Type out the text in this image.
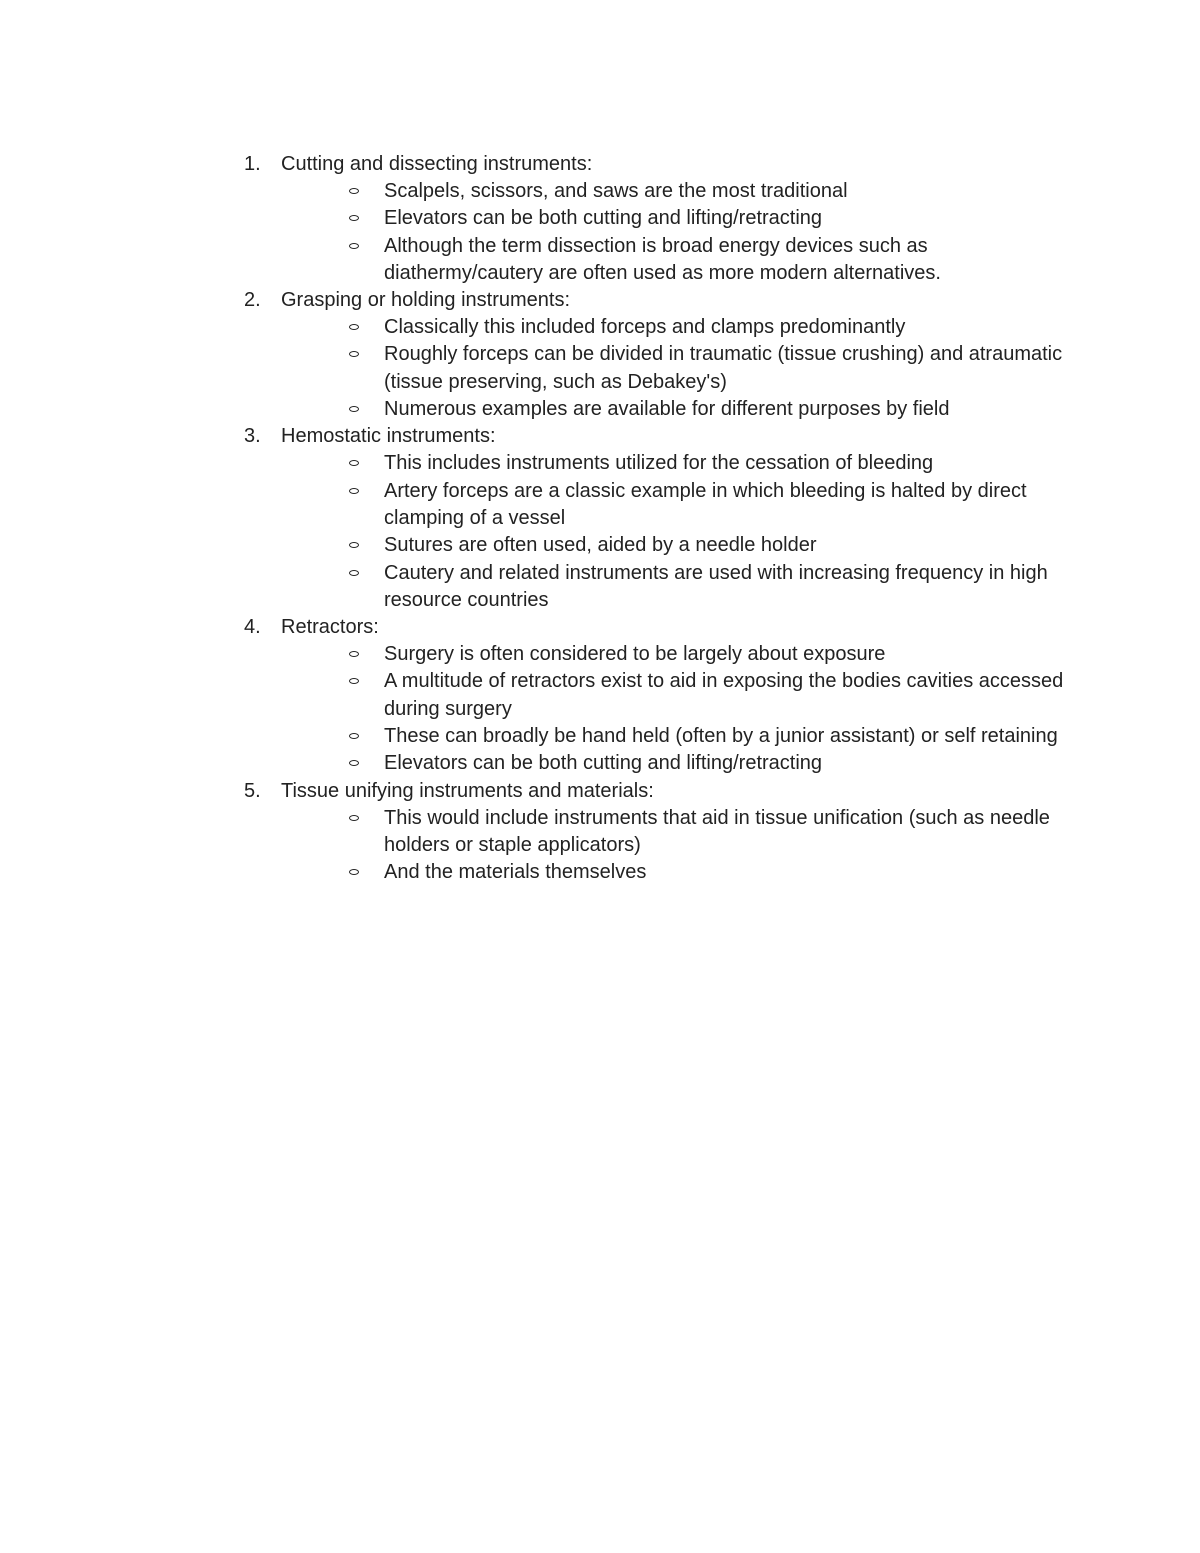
1. Cutting and dissecting instruments:
Scalpels, scissors, and saws are the most traditional
Elevators can be both cutting and lifting/retracting
Although the term dissection is broad energy devices such as diathermy/cautery are often used as more modern alternatives.
2. Grasping or holding instruments:
Classically this included forceps and clamps predominantly
Roughly forceps can be divided in traumatic (tissue crushing) and atraumatic (tissue preserving, such as Debakey's)
Numerous examples are available for different purposes by field
3. Hemostatic instruments:
This includes instruments utilized for the cessation of bleeding
Artery forceps are a classic example in which bleeding is halted by direct clamping of a vessel
Sutures are often used, aided by a needle holder
Cautery and related instruments are used with increasing frequency in high resource countries
4. Retractors:
Surgery is often considered to be largely about exposure
A multitude of retractors exist to aid in exposing the bodies cavities accessed during surgery
These can broadly be hand held (often by a junior assistant) or self retaining
Elevators can be both cutting and lifting/retracting
5. Tissue unifying instruments and materials:
This would include instruments that aid in tissue unification (such as needle holders or staple applicators)
And the materials themselves
